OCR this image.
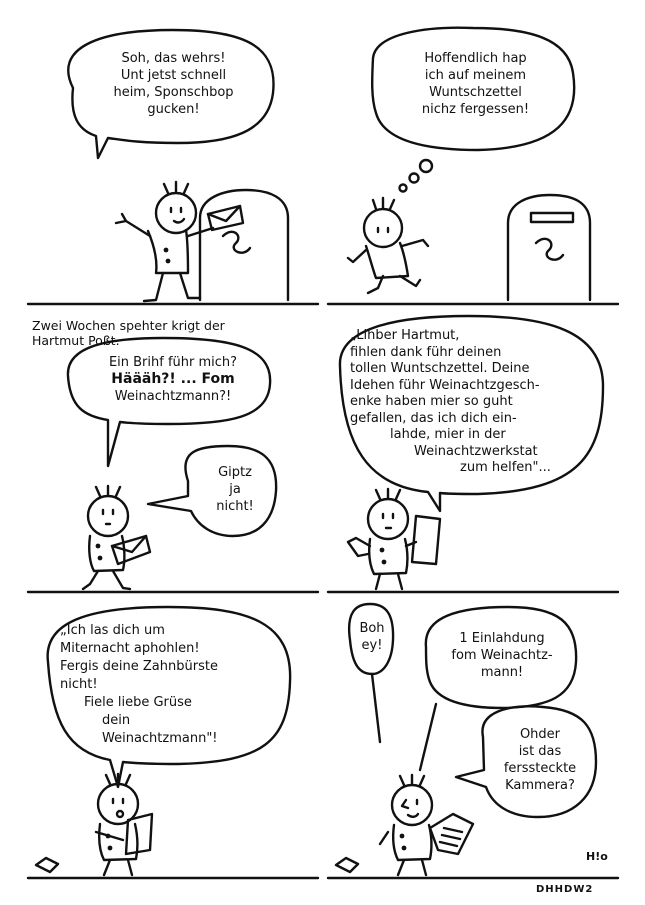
Soh, das wehrs!
Unt jetst schnell
heim, Sponschbop
gucken!
Hoffendlich hap
ich auf meinem
Wuntschzettel
nichz fergessen!
Zwei Wochen spehter krigt der
Hartmut Poßt.
Ein Brihf führ mich?
Häääh?! ... Fom
Weinachtzmann?!
Giptz
ja
nicht!
„Lihber Hartmut,
fihlen dank führ deinen
tollen Wuntschzettel. Deine
Idehen führ Weinachtzgesch-
enke haben mier so guht
gefallen, das ich dich ein-
lahde, mier in der
Weinachtzwerkstat
zum helfen"...
„Ich las dich um
Miternacht aphohlen!
Fergis deine Zahnbürste
nicht!
Fiele liebe Grüse
dein
Weinachtzmann"!
Boh
ey!	1 Einlahdung
fom Weinachtz-
mann!
Ohder
ist das
ferssteckte
Kammera?
H!o
DHHDW2
